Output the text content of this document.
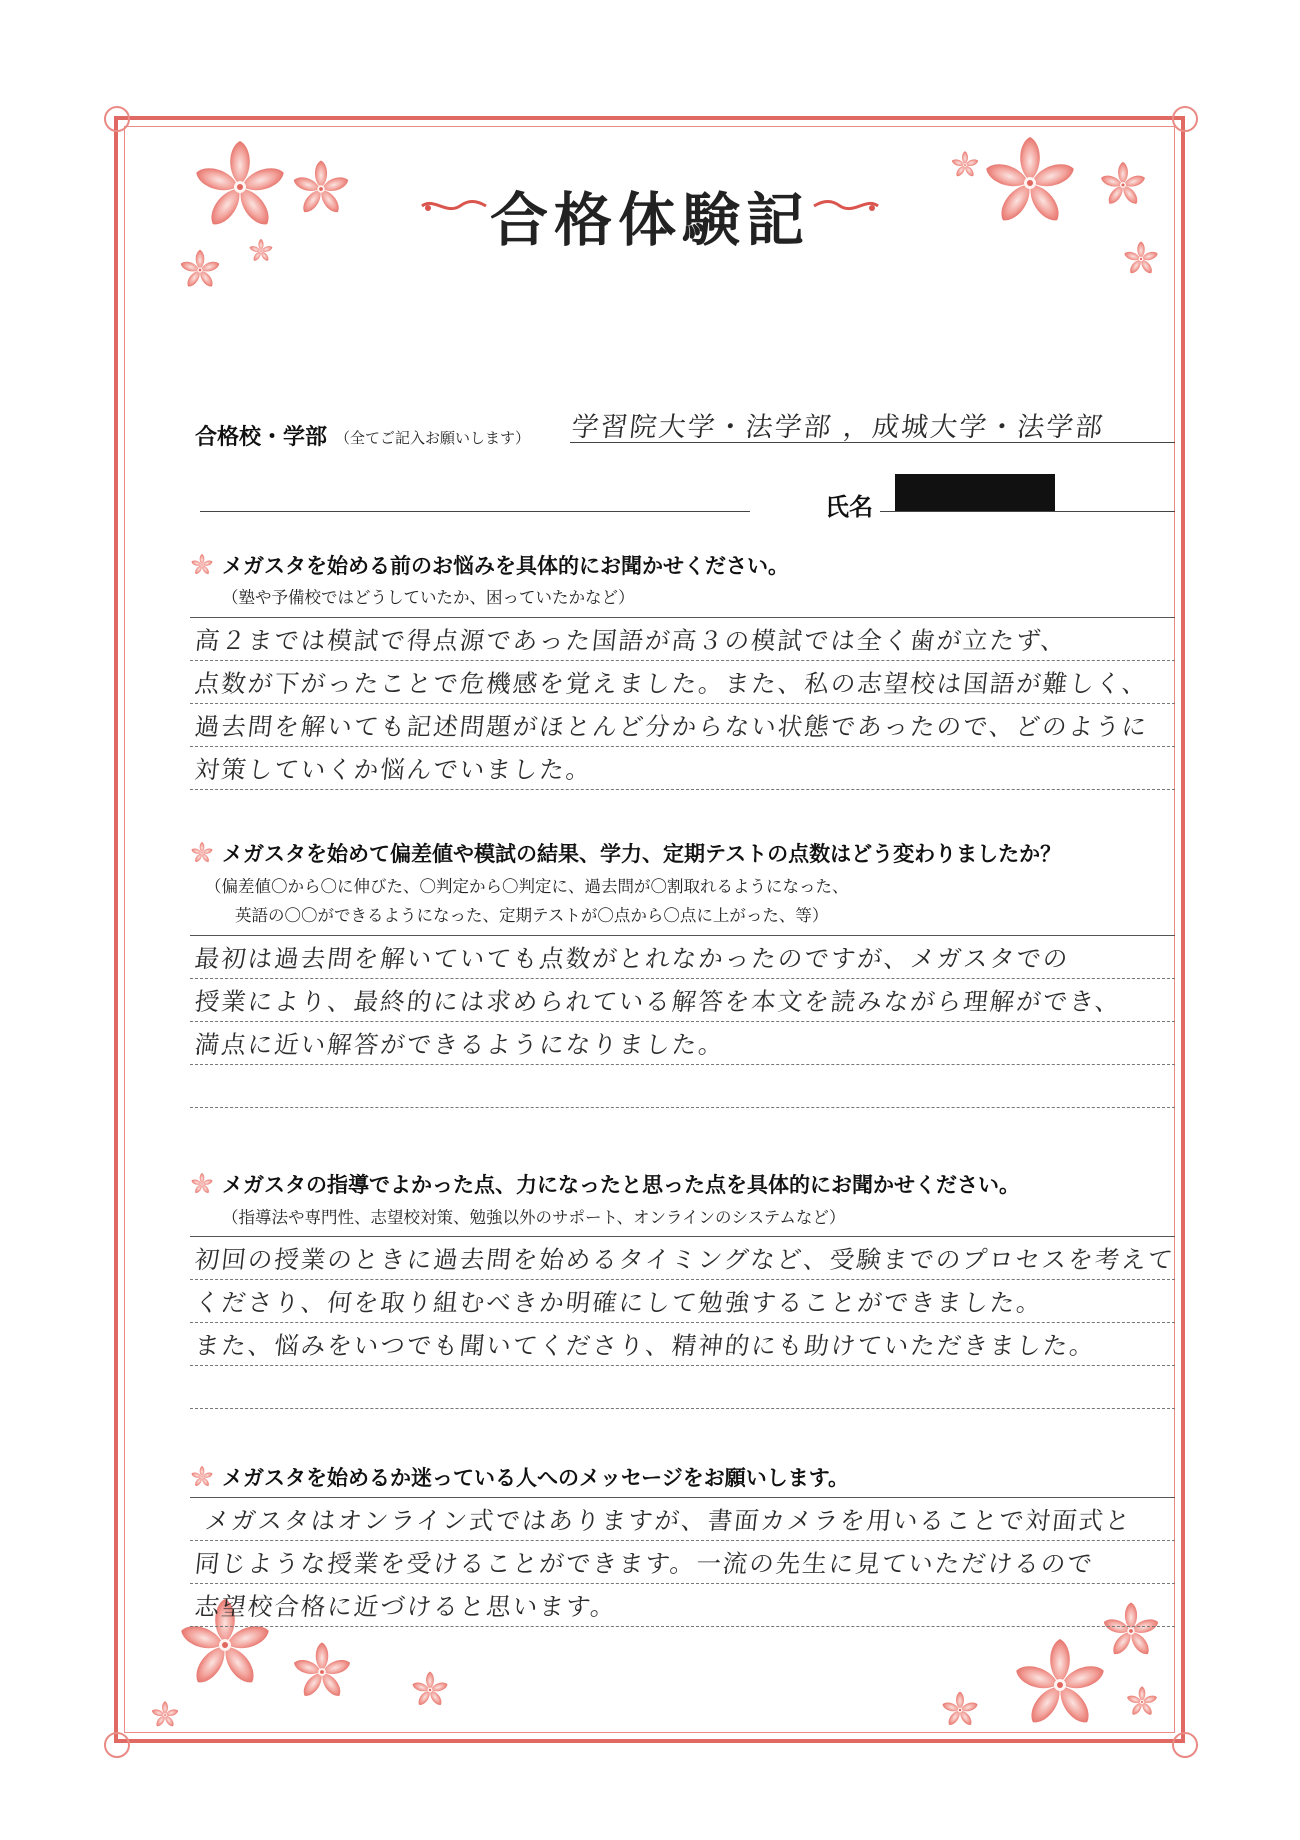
合格体験記
合格校・学部 （全てご記入お願いします） 学習院大学・法学部 ，成城大学・法学部
氏名
メガスタを始める前のお悩みを具体的にお聞かせください。
（塾や予備校ではどうしていたか、困っていたかなど）
高２までは模試で得点源であった国語が高３の模試では全く歯が立たず、
点数が下がったことで危機感を覚えました。また、私の志望校は国語が難しく、
過去問を解いても記述問題がほとんど分からない状態であったので、どのように
対策していくか悩んでいました。
メガスタを始めて偏差値や模試の結果、学力、定期テストの点数はどう変わりましたか？
（偏差値〇から〇に伸びた、〇判定から〇判定に、過去問が〇割取れるようになった、
英語の〇〇ができるようになった、定期テストが〇点から〇点に上がった、等）
最初は過去問を解いていても点数がとれなかったのですが、メガスタでの
授業により、最終的には求められている解答を本文を読みながら理解ができ、
満点に近い解答ができるようになりました。
メガスタの指導でよかった点、力になったと思った点を具体的にお聞かせください。
（指導法や専門性、志望校対策、勉強以外のサポート、オンラインのシステムなど）
初回の授業のときに過去問を始めるタイミングなど、受験までのプロセスを考えて
くださり、何を取り組むべきか明確にして勉強することができました。
また、悩みをいつでも聞いてくださり、精神的にも助けていただきました。
メガスタを始めるか迷っている人へのメッセージをお願いします。
メガスタはオンライン式ではありますが、書面カメラを用いることで対面式と
同じような授業を受けることができます。一流の先生に見ていただけるので
志望校合格に近づけると思います。
